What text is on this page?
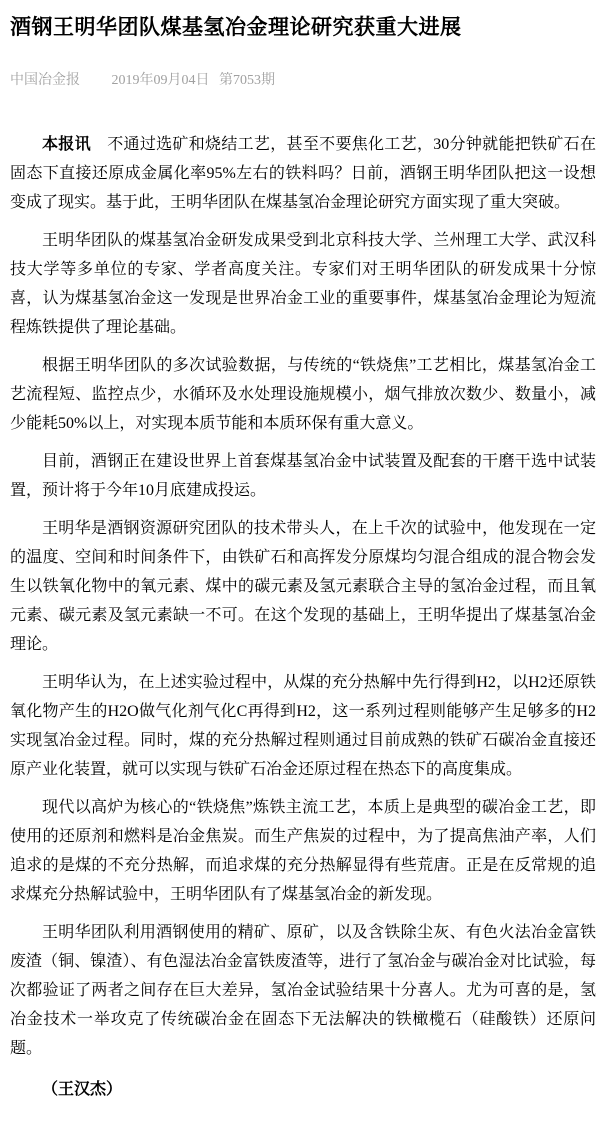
酒钢王明华团队煤基氢冶金理论研究获重大进展
中国冶金报 2019年09月04日 第7053期

本报讯　 不通过选矿和烧结工艺，甚至不要焦化工艺，30分钟就能把铁矿石在固态下直接还原成金属化率95%左右的铁料吗？日前，酒钢王明华团队把这一设想变成了现实。基于此，王明华团队在煤基氢冶金理论研究方面实现了重大突破。

王明华团队的煤基氢冶金研发成果受到北京科技大学、兰州理工大学、武汉科技大学等多单位的专家、学者高度关注。专家们对王明华团队的研发成果十分惊喜，认为煤基氢冶金这一发现是世界冶金工业的重要事件，煤基氢冶金理论为短流程炼铁提供了理论基础。

根据王明华团队的多次试验数据，与传统的“铁烧焦”工艺相比，煤基氢冶金工艺流程短、监控点少，水循环及水处理设施规模小，烟气排放次数少、数量小，减少能耗50%以上，对实现本质节能和本质环保有重大意义。

目前，酒钢正在建设世界上首套煤基氢冶金中试装置及配套的干磨干选中试装置，预计将于今年10月底建成投运。

王明华是酒钢资源研究团队的技术带头人，在上千次的试验中，他发现在一定的温度、空间和时间条件下，由铁矿石和高挥发分原煤均匀混合组成的混合物会发生以铁氧化物中的氧元素、煤中的碳元素及氢元素联合主导的氢冶金过程，而且氧元素、碳元素及氢元素缺一不可。在这个发现的基础上，王明华提出了煤基氢冶金理论。

王明华认为，在上述实验过程中，从煤的充分热解中先行得到H2，以H2还原铁氧化物产生的H2O做气化剂气化C再得到H2，这一系列过程则能够产生足够多的H2实现氢冶金过程。同时，煤的充分热解过程则通过目前成熟的铁矿石碳冶金直接还原产业化装置，就可以实现与铁矿石冶金还原过程在热态下的高度集成。

现代以高炉为核心的“铁烧焦”炼铁主流工艺，本质上是典型的碳冶金工艺，即使用的还原剂和燃料是冶金焦炭。而生产焦炭的过程中，为了提高焦油产率，人们追求的是煤的不充分热解，而追求煤的充分热解显得有些荒唐。正是在反常规的追求煤充分热解试验中，王明华团队有了煤基氢冶金的新发现。

王明华团队利用酒钢使用的精矿、原矿，以及含铁除尘灰、有色火法冶金富铁废渣（铜、镍渣）、有色湿法冶金富铁废渣等，进行了氢冶金与碳冶金对比试验，每次都验证了两者之间存在巨大差异，氢冶金试验结果十分喜人。尤为可喜的是，氢冶金技术一举攻克了传统碳冶金在固态下无法解决的铁橄榄石（硅酸铁）还原问题。

（王汉杰）
